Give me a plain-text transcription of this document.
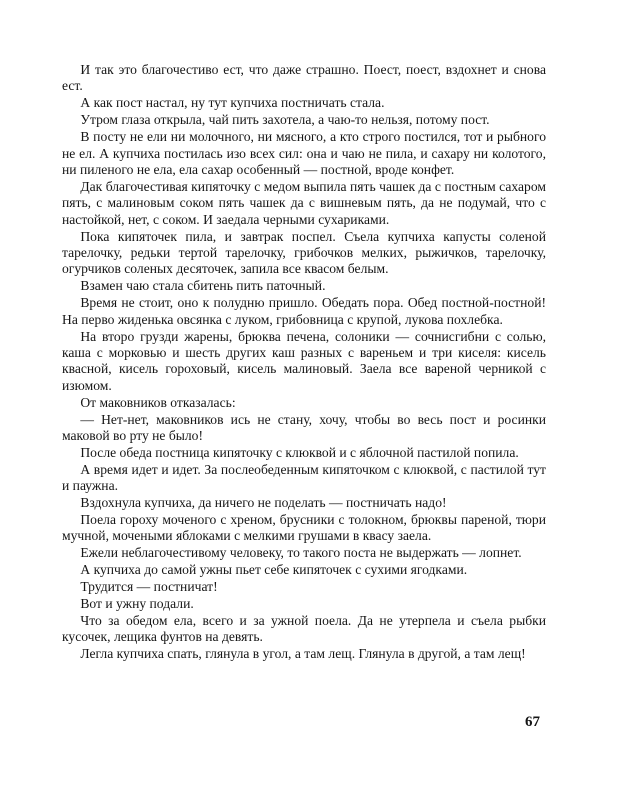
И так это благочестиво ест, что даже страшно. Поест, поест, вздохнет и снова ест.

А как пост настал, ну тут купчиха постничать стала.

Утром глаза открыла, чай пить захотела, а чаю-то нельзя, потому пост.

В посту не ели ни молочного, ни мясного, а кто строго постился, тот и рыбного не ел. А купчиха постилась изо всех сил: она и чаю не пила, и сахару ни колотого, ни пиленого не ела, ела сахар особенный — постной, вроде конфет.

Дак благочестивая кипяточку с медом выпила пять чашек да с постным сахаром пять, с малиновым соком пять чашек да с вишневым пять, да не подумай, что с настойкой, нет, с соком. И заедала черными сухариками.

Пока кипяточек пила, и завтрак поспел. Съела купчиха капусты соленой тарелочку, редьки тертой тарелочку, грибочков мелких, рыжичков, тарелочку, огурчиков соленых десяточек, запила все квасом белым.

Взамен чаю стала сбитень пить паточный.

Время не стоит, оно к полудню пришло. Обедать пора. Обед постной-постной! На перво жиденька овсянка с луком, грибовница с крупой, лукова похлебка.

На второ грузди жарены, брюква печена, солоники — сочнисгибни с солью, каша с морковью и шесть других каш разных с вареньем и три киселя: кисель квасной, кисель гороховый, кисель малиновый. Заела все вареной черникой с изюмом.

От маковников отказалась:

— Нет-нет, маковников ись не стану, хочу, чтобы во весь пост и росинки маковой во рту не было!

После обеда постница кипяточку с клюквой и с яблочной пастилой попила.

А время идет и идет. За послеобеденным кипяточком с клюквой, с пастилой тут и паужна.

Вздохнула купчиха, да ничего не поделать — постничать надо!

Поела гороху моченого с хреном, брусники с толокном, брюквы пареной, тюри мучной, мочеными яблоками с мелкими грушами в квасу заела.

Ежели неблагочестивому человеку, то такого поста не выдержать — лопнет.

А купчиха до самой ужны пьет себе кипяточек с сухими ягодками.

Трудится — постничат!

Вот и ужну подали.

Что за обедом ела, всего и за ужной поела. Да не утерпела и съела рыбки кусочек, лещика фунтов на девять.

Легла купчиха спать, глянула в угол, а там лещ. Глянула в другой, а там лещ!

67
